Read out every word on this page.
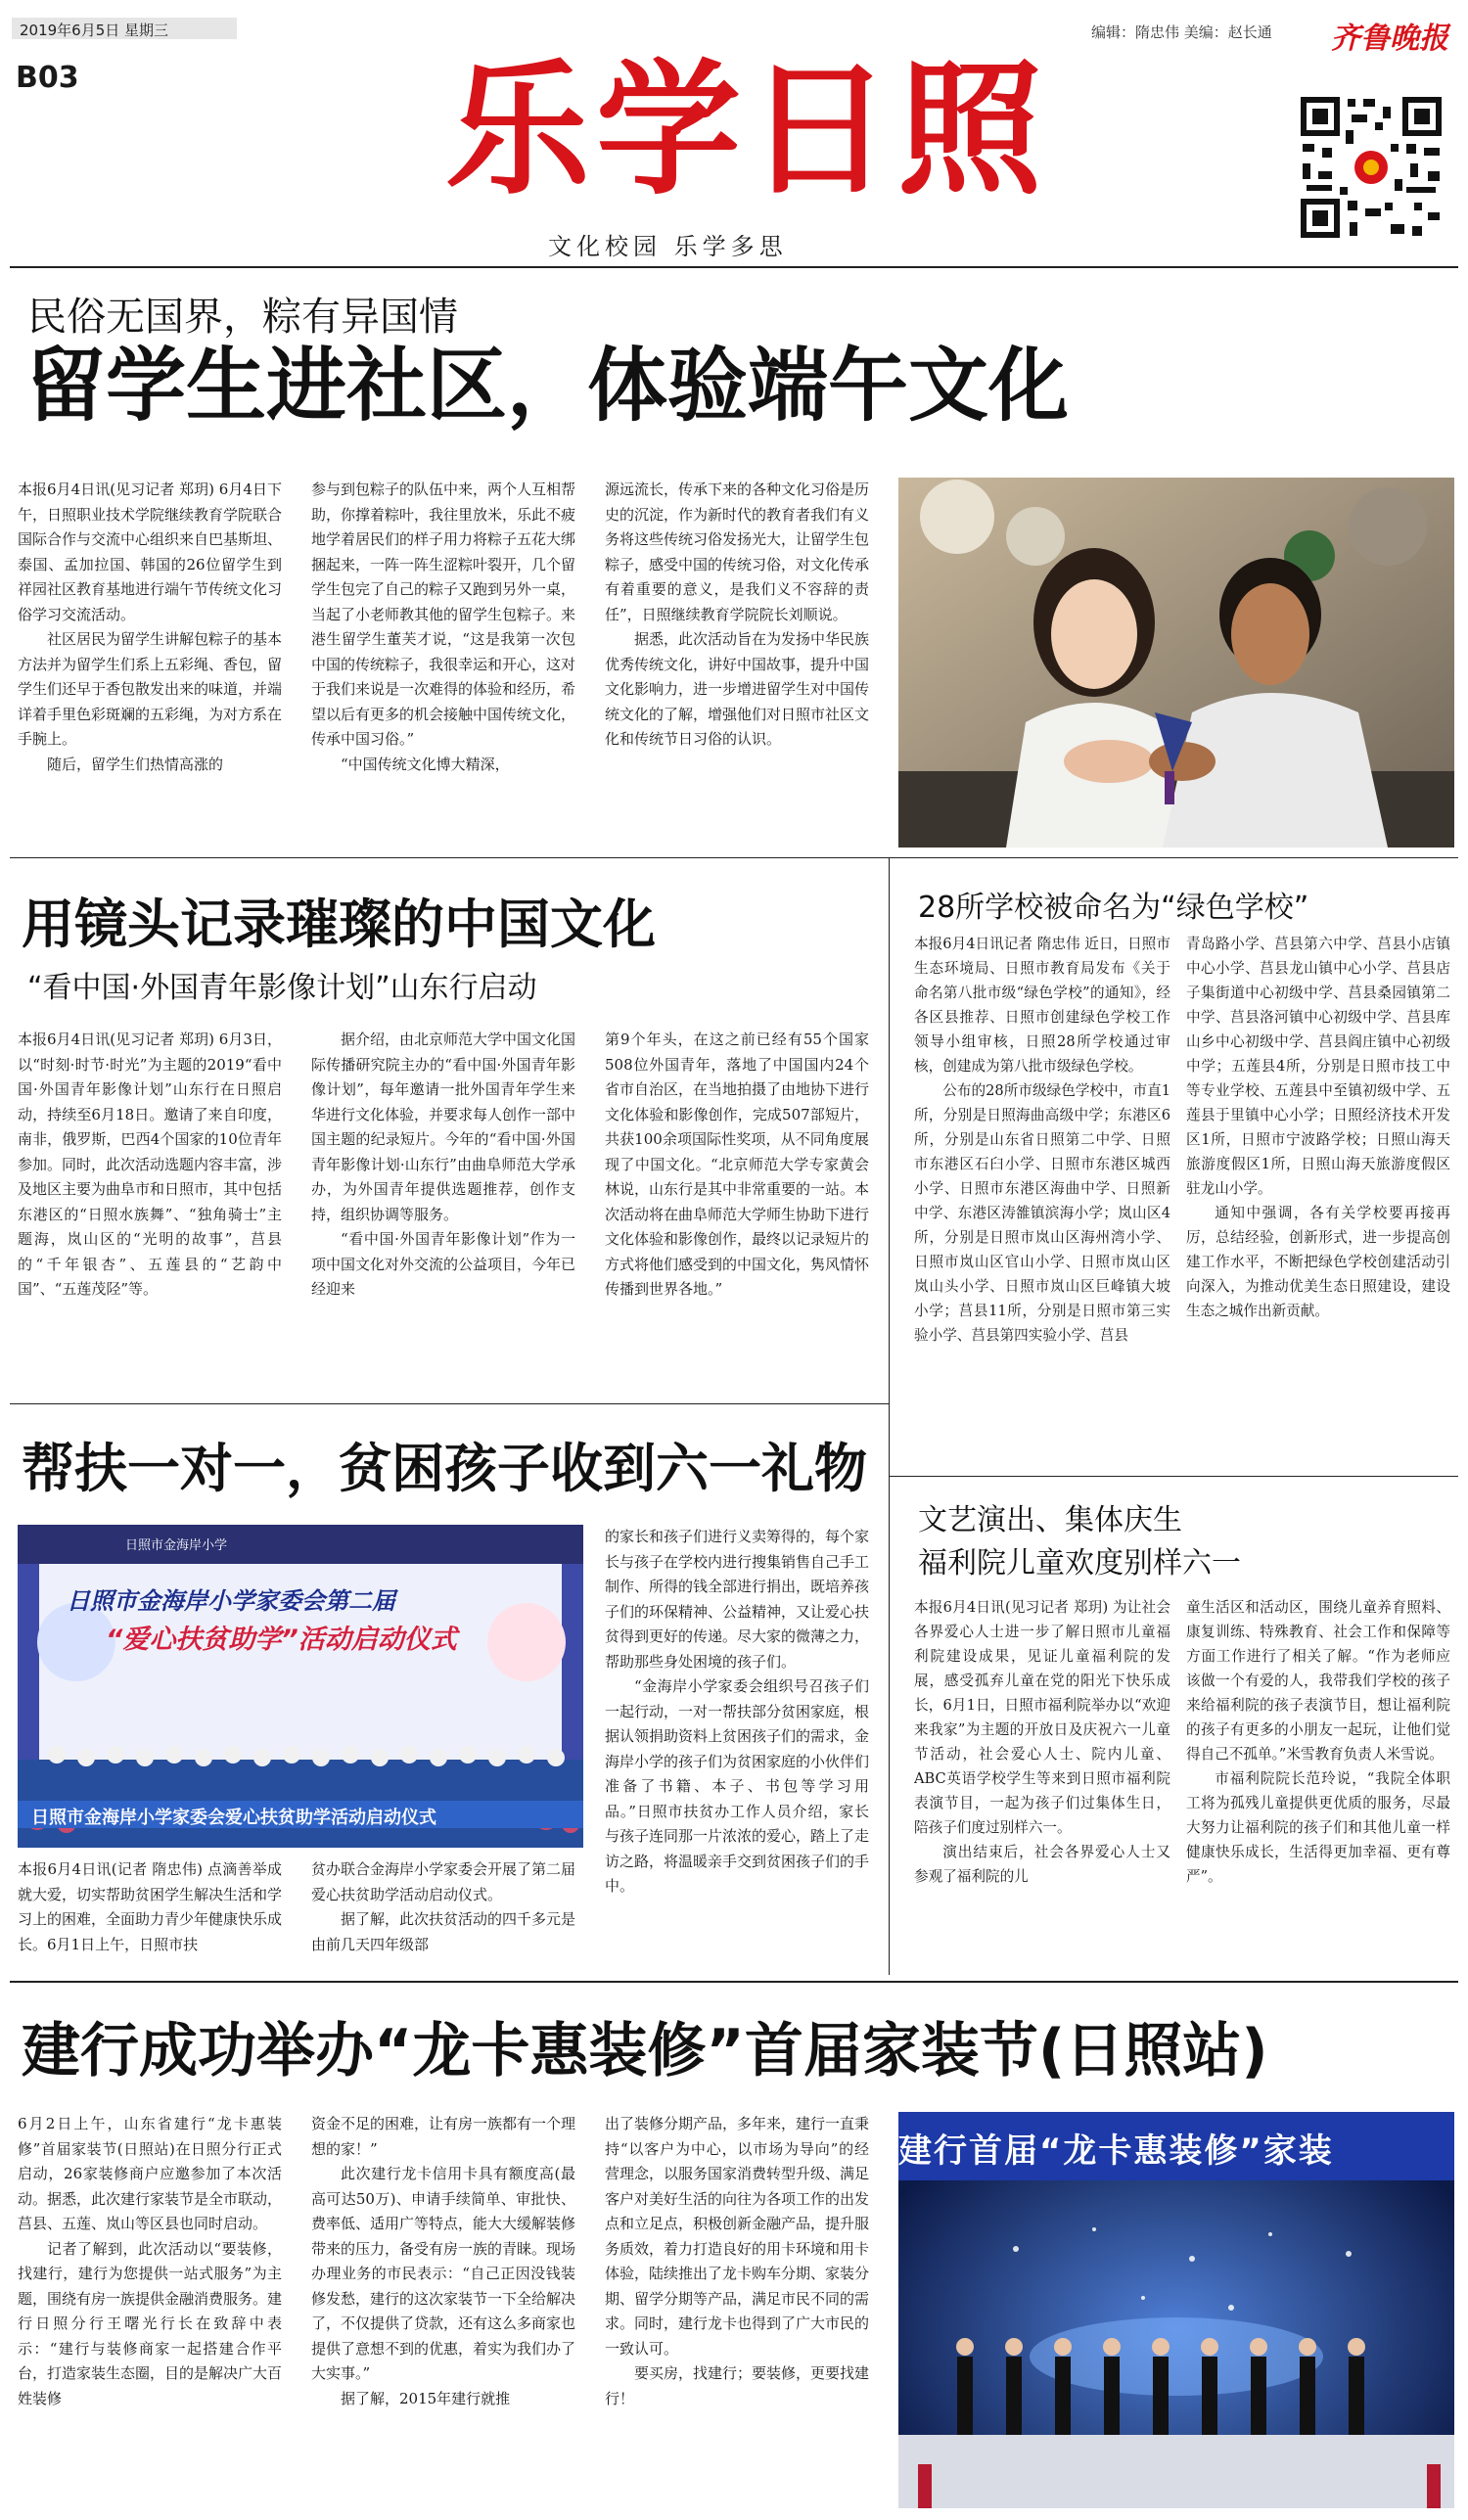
2019年6月5日 星期三
B03
编辑：隋忠伟 美编：赵长通 齐鲁晚报
乐学日照
文化校园 乐学多思
民俗无国界，粽有异国情
留学生进社区，体验端午文化

本报6月4日讯(见习记者 郑玥) 6月4日下午，日照职业技术学院继续教育学院联合国际合作与交流中心组织来自巴基斯坦、泰国、孟加拉国、韩国的26位留学生到祥园社区教育基地进行端午节传统文化习俗学习交流活动。

社区居民为留学生讲解包粽子的基本方法并为留学生们系上五彩绳、香包，留学生们还早于香包散发出来的味道，并端详着手里色彩斑斓的五彩绳，为对方系在手腕上。

随后，留学生们热情高涨的

参与到包粽子的队伍中来，两个人互相帮助，你撑着粽叶，我往里放米，乐此不疲地学着居民们的样子用力将粽子五花大绑捆起来，一阵一阵生涩粽叶裂开，几个留学生包完了自己的粽子又跑到另外一桌，当起了小老师教其他的留学生包粽子。来港生留学生董芙才说，“这是我第一次包中国的传统粽子，我很幸运和开心，这对于我们来说是一次难得的体验和经历，希望以后有更多的机会接触中国传统文化，传承中国习俗。”

“中国传统文化博大精深，

源远流长，传承下来的各种文化习俗是历史的沉淀，作为新时代的教育者我们有义务将这些传统习俗发扬光大，让留学生包粽子，感受中国的传统习俗，对文化传承有着重要的意义，是我们义不容辞的责任”，日照继续教育学院院长刘顺说。

据悉，此次活动旨在为发扬中华民族优秀传统文化，讲好中国故事，提升中国文化影响力，进一步增进留学生对中国传统文化的了解，增强他们对日照市社区文化和传统节日习俗的认识。

用镜头记录璀璨的中国文化
“看中国·外国青年影像计划”山东行启动

本报6月4日讯(见习记者 郑玥) 6月3日，以“时刻·时节·时光”为主题的2019“看中国·外国青年影像计划”山东行在日照启动，持续至6月18日。邀请了来自印度，南非，俄罗斯，巴西4个国家的10位青年参加。同时，此次活动选题内容丰富，涉及地区主要为曲阜市和日照市，其中包括东港区的“日照水族舞”、“独角骑士”主题海，岚山区的“光明的故事”，莒县的“千年银杏”、五莲县的“艺韵中国”、“五莲茂陉”等。

据介绍，由北京师范大学中国文化国际传播研究院主办的“看中国·外国青年影像计划”，每年邀请一批外国青年学生来华进行文化体验，并要求每人创作一部中国主题的纪录短片。今年的“看中国·外国青年影像计划·山东行”由曲阜师范大学承办，为外国青年提供选题推荐，创作支持，组织协调等服务。

“看中国·外国青年影像计划”作为一项中国文化对外交流的公益项目，今年已经迎来

第9个年头，在这之前已经有55个国家508位外国青年，落地了中国国内24个省市自治区，在当地拍摄了由地协下进行文化体验和影像创作，完成507部短片，共获100余项国际性奖项，从不同角度展现了中国文化。“北京师范大学专家黄会林说，山东行是其中非常重要的一站。本次活动将在曲阜师范大学师生协助下进行文化体验和影像创作，最终以记录短片的方式将他们感受到的中国文化，隽风情怀传播到世界各地。”

28所学校被命名为“绿色学校”

本报6月4日讯记者 隋忠伟 近日，日照市生态环境局、日照市教育局发布《关于命名第八批市级“绿色学校”的通知》，经各区县推荐、日照市创建绿色学校工作领导小组审核，日照28所学校通过审核，创建成为第八批市级绿色学校。

公布的28所市级绿色学校中，市直1所，分别是日照海曲高级中学；东港区6所，分别是山东省日照第二中学、日照市东港区石臼小学、日照市东港区城西小学、日照市东港区海曲中学、日照新中学、东港区涛雒镇滨海小学；岚山区4所，分别是日照市岚山区海州湾小学、日照市岚山区官山小学、日照市岚山区岚山头小学、日照市岚山区巨峰镇大坡小学；莒县11所，分别是日照市第三实验小学、莒县第四实验小学、莒县

青岛路小学、莒县第六中学、莒县小店镇中心小学、莒县龙山镇中心小学、莒县店子集街道中心初级中学、莒县桑园镇第二中学、莒县洛河镇中心初级中学、莒县库山乡中心初级中学、莒县阎庄镇中心初级中学；五莲县4所，分别是日照市技工中等专业学校、五莲县中至镇初级中学、五莲县于里镇中心小学；日照经济技术开发区1所，日照市宁波路学校；日照山海天旅游度假区1所，日照山海天旅游度假区驻龙山小学。

通知中强调，各有关学校要再接再厉，总结经验，创新形式，进一步提高创建工作水平，不断把绿色学校创建活动引向深入，为推动优美生态日照建设，建设生态之城作出新贡献。

帮扶一对一，贫困孩子收到六一礼物
日照市金海岸小学
日照市金海岸小学家委会第二届
“爱心扶贫助学”活动启动仪式
日照市金海岸小学家委会爱心扶贫助学活动启动仪式

本报6月4日讯(记者 隋忠伟) 点滴善举成就大爱，切实帮助贫困学生解决生活和学习上的困难，全面助力青少年健康快乐成长。6月1日上午，日照市扶

贫办联合金海岸小学家委会开展了第二届爱心扶贫助学活动启动仪式。

据了解，此次扶贫活动的四千多元是由前几天四年级部

的家长和孩子们进行义卖筹得的，每个家长与孩子在学校内进行搜集销售自己手工制作、所得的钱全部进行捐出，既培养孩子们的环保精神、公益精神，又让爱心扶贫得到更好的传递。尽大家的微薄之力，帮助那些身处困境的孩子们。

“金海岸小学家委会组织号召孩子们一起行动，一对一帮扶部分贫困家庭，根据认领捐助资料上贫困孩子们的需求，金海岸小学的孩子们为贫困家庭的小伙伴们准备了书籍、本子、书包等学习用品。”日照市扶贫办工作人员介绍，家长与孩子连同那一片浓浓的爱心，踏上了走访之路，将温暖亲手交到贫困孩子们的手中。

文艺演出、集体庆生
福利院儿童欢度别样六一

本报6月4日讯(见习记者 郑玥) 为让社会各界爱心人士进一步了解日照市儿童福利院建设成果，见证儿童福利院的发展，感受孤弃儿童在党的阳光下快乐成长，6月1日，日照市福利院举办以“欢迎来我家”为主题的开放日及庆祝六一儿童节活动，社会爱心人士、院内儿童、ABC英语学校学生等来到日照市福利院表演节目，一起为孩子们过集体生日，陪孩子们度过别样六一。

演出结束后，社会各界爱心人士又参观了福利院的儿

童生活区和活动区，围绕儿童养育照料、康复训练、特殊教育、社会工作和保障等方面工作进行了相关了解。“作为老师应该做一个有爱的人，我带我们学校的孩子来给福利院的孩子表演节目，想让福利院的孩子有更多的小朋友一起玩，让他们觉得自己不孤单。”米雪教育负责人米雪说。

市福利院院长范玲说，“我院全体职工将为孤残儿童提供更优质的服务，尽最大努力让福利院的孩子们和其他儿童一样健康快乐成长，生活得更加幸福、更有尊严”。

建行成功举办“龙卡惠装修”首届家装节(日照站)

6月2日上午，山东省建行“龙卡惠装修”首届家装节(日照站)在日照分行正式启动，26家装修商户应邀参加了本次活动。据悉，此次建行家装节是全市联动，莒县、五莲、岚山等区县也同时启动。

记者了解到，此次活动以“要装修，找建行，建行为您提供一站式服务”为主题，围绕有房一族提供金融消费服务。建行日照分行王曙光行长在致辞中表示：“建行与装修商家一起搭建合作平台，打造家装生态圈，目的是解决广大百姓装修

资金不足的困难，让有房一族都有一个理想的家！”

此次建行龙卡信用卡具有额度高(最高可达50万)、申请手续简单、审批快、费率低、适用广等特点，能大大缓解装修带来的压力，备受有房一族的青睐。现场办理业务的市民表示：“自己正因没钱装修发愁，建行的这次家装节一下全给解决了，不仅提供了贷款，还有这么多商家也提供了意想不到的优惠，着实为我们办了大实事。”

据了解，2015年建行就推

出了装修分期产品，多年来，建行一直秉持“以客户为中心，以市场为导向”的经营理念，以服务国家消费转型升级、满足客户对美好生活的向往为各项工作的出发点和立足点，积极创新金融产品，提升服务质效，着力打造良好的用卡环境和用卡体验，陆续推出了龙卡购车分期、家装分期、留学分期等产品，满足市民不同的需求。同时，建行龙卡也得到了广大市民的一致认可。

要买房，找建行；要装修，更要找建行！

建行首届“龙卡惠装修”家装
